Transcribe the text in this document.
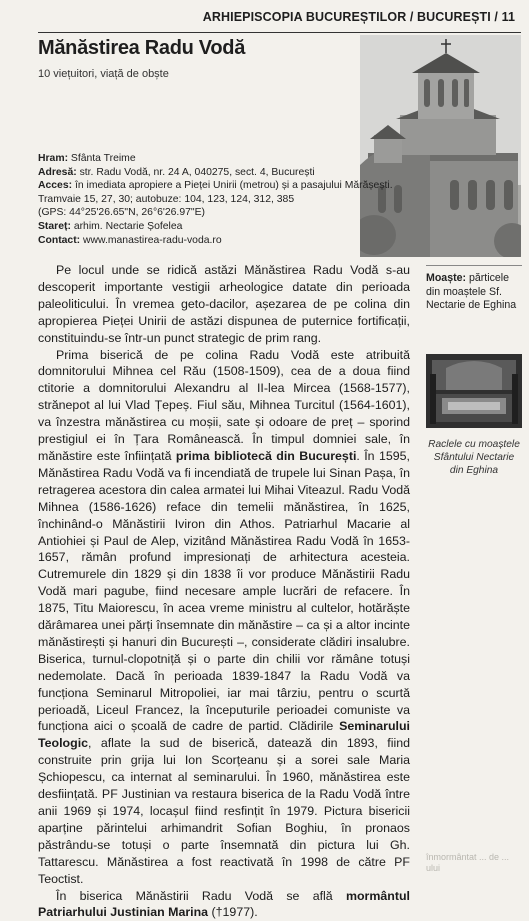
ARHIEPISCOPIA BUCUREȘTILOR / BUCUREȘTI / 11
Mănăstirea Radu Vodă
10 viețuitori, viață de obște
Hram: Sfânta Treime
Adresă: str. Radu Vodă, nr. 24 A, 040275, sect. 4, București
Acces: în imediata apropiere a Pieței Unirii (metrou) și a pasajului Mărășești.
Tramvaie 15, 27, 30; autobuze: 104, 123, 124, 312, 385
(GPS: 44°25'26.65"N, 26°6'26.97"E)
Stareț: arhim. Nectarie Șofelea
Contact: www.manastirea-radu-voda.ro

Pe locul unde se ridică astăzi Mănăstirea Radu Vodă s-au descoperit importante vestigii arheologice datate din perioada paleoliticului. În vremea geto-dacilor, așezarea de pe colina din apropierea Pieței Unirii de astăzi dispunea de puternice fortificații, constituindu-se într-un punct strategic de prim rang.

Prima biserică de pe colina Radu Vodă este atribuită domnitorului Mihnea cel Rău (1508-1509), cea de a doua fiind ctitorie a domnitorului Alexandru al II-lea Mircea (1568-1577), strănepot al lui Vlad Țepeș. Fiul său, Mihnea Turcitul (1564-1601), va înzestra mănăstirea cu moșii, sate și odoare de preț – sporind prestigiul ei în Țara Românească. În timpul domniei sale, în mănăstire este înființată prima bibliotecă din București. În 1595, Mănăstirea Radu Vodă va fi incendiată de trupele lui Sinan Pașa, în retragerea acestora din calea armatei lui Mihai Viteazul. Radu Vodă Mihnea (1586-1626) reface din temelii mănăstirea, în 1625, închinând-o Mănăstirii Iviron din Athos. Patriarhul Macarie al Antiohiei și Paul de Alep, vizitând Mănăstirea Radu Vodă în 1653-1657, rămân profund impresionați de arhitectura acesteia. Cutremurele din 1829 și din 1838 îi vor produce Mănăstirii Radu Vodă mari pagube, fiind necesare ample lucrări de refacere. În 1875, Titu Maiorescu, în acea vreme ministru al cultelor, hotărăște dărâmarea unei părți însemnate din mănăstire – ca și a altor incinte mănăstirești și hanuri din București –, considerate clădiri insalubre. Biserica, turnul-clopotniță și o parte din chilii vor rămâne totuși nedemolate. Dacă în perioada 1839-1847 la Radu Vodă va funcționa Seminarul Mitropoliei, iar mai târziu, pentru o scurtă perioadă, Liceul Francez, la începuturile perioadei comuniste va funcționa aici o școală de cadre de partid. Clădirile Seminarului Teologic, aflate la sud de biserică, datează din 1893, fiind construite prin grija lui Ion Scorțeanu și a sorei sale Maria Șchiopescu, ca internat al seminarului. În 1960, mănăstirea este desființată. PF Justinian va restaura biserica de la Radu Vodă între anii 1969 și 1974, locașul fiind resfințit în 1979. Pictura bisericii aparține părintelui arhimandrit Sofian Boghiu, în pronaos păstrându-se totuși o parte însemnată din pictura lui Gh. Tattarescu. Mănăstirea a fost reactivată în 1998 de către PF Teoctist.

În biserica Mănăstirii Radu Vodă se află mormântul Patriarhului Justinian Marina (†1977).

Moaște: părticele din moaștele Sf. Nectarie de Eghina
Raclele cu moaștele Sfântului Nectarie din Eghina
înmormântat ... de ... ului
